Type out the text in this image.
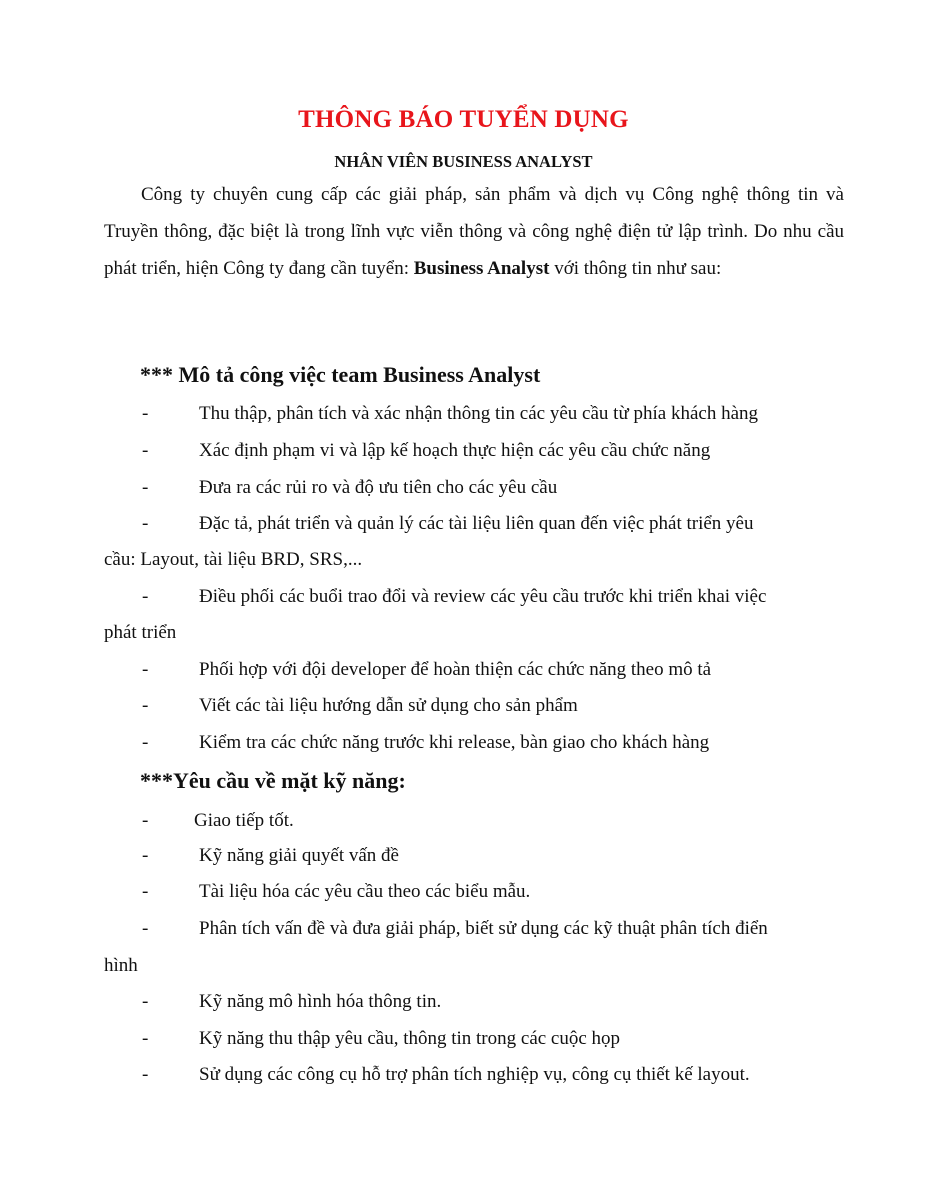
THÔNG BÁO TUYỂN DỤNG
NHÂN VIÊN BUSINESS ANALYST

Công ty chuyên cung cấp các giải pháp, sản phẩm và dịch vụ Công nghệ thông tin và Truyền thông, đặc biệt là trong lĩnh vực viễn thông và công nghệ điện tử lập trình. Do nhu cầu phát triển, hiện Công ty đang cần tuyển: Business Analyst với thông tin như sau:

*** Mô tả công việc team Business Analyst
-	Thu thập, phân tích và xác nhận thông tin các yêu cầu từ phía khách hàng
-	Xác định phạm vi và lập kế hoạch thực hiện các yêu cầu chức năng
-	Đưa ra các rủi ro và độ ưu tiên cho các yêu cầu
-	Đặc tả, phát triển và quản lý các tài liệu liên quan đến việc phát triển yêu
cầu: Layout, tài liệu BRD, SRS,...
-	Điều phối các buổi trao đổi và review các yêu cầu trước khi triển khai việc
phát triển
-	Phối hợp với đội developer để hoàn thiện các chức năng theo mô tả
-	Viết các tài liệu hướng dẫn sử dụng cho sản phẩm
-	Kiểm tra các chức năng trước khi release, bàn giao cho khách hàng
***Yêu cầu về mặt kỹ năng:
- Giao tiếp tốt.
-	Kỹ năng giải quyết vấn đề
-	Tài liệu hóa các yêu cầu theo các biểu mẫu.
-	Phân tích vấn đề và đưa giải pháp, biết sử dụng các kỹ thuật phân tích điển
hình
-	Kỹ năng mô hình hóa thông tin.
-	Kỹ năng thu thập yêu cầu, thông tin trong các cuộc họp
-	Sử dụng các công cụ hỗ trợ phân tích nghiệp vụ, công cụ thiết kế layout.
